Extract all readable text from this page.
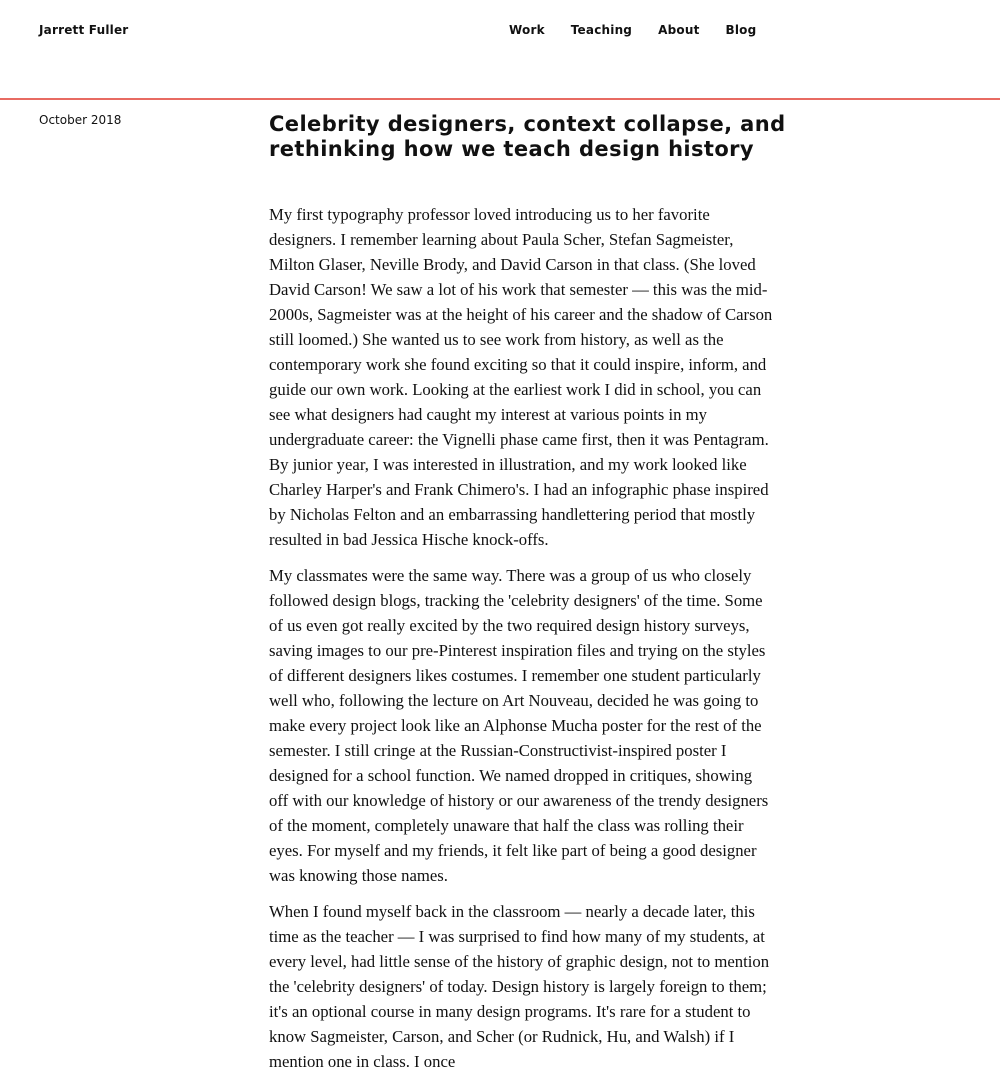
Jarrett Fuller	Work Teaching About Blog
October 2018	Celebrity designers, context collapse, and rethinking how we teach design history

My first typography professor loved introducing us to her favorite designers. I remember learning about Paula Scher, Stefan Sagmeister, Milton Glaser, Neville Brody, and David Carson in that class. (She loved David Carson! We saw a lot of his work that semester — this was the mid-2000s, Sagmeister was at the height of his career and the shadow of Carson still loomed.) She wanted us to see work from history, as well as the contemporary work she found exciting so that it could inspire, inform, and guide our own work. Looking at the earliest work I did in school, you can see what designers had caught my interest at various points in my undergraduate career: the Vignelli phase came first, then it was Pentagram. By junior year, I was interested in illustration, and my work looked like Charley Harper's and Frank Chimero's. I had an infographic phase inspired by Nicholas Felton and an embarrassing handlettering period that mostly resulted in bad Jessica Hische knock-offs.

My classmates were the same way. There was a group of us who closely followed design blogs, tracking the 'celebrity designers' of the time. Some of us even got really excited by the two required design history surveys, saving images to our pre-Pinterest inspiration files and trying on the styles of different designers likes costumes. I remember one student particularly well who, following the lecture on Art Nouveau, decided he was going to make every project look like an Alphonse Mucha poster for the rest of the semester. I still cringe at the Russian-Constructivist-inspired poster I designed for a school function. We named dropped in critiques, showing off with our knowledge of history or our awareness of the trendy designers of the moment, completely unaware that half the class was rolling their eyes. For myself and my friends, it felt like part of being a good designer was knowing those names.

When I found myself back in the classroom — nearly a decade later, this time as the teacher — I was surprised to find how many of my students, at every level, had little sense of the history of graphic design, not to mention the 'celebrity designers' of today. Design history is largely foreign to them; it's an optional course in many design programs. It's rare for a student to know Sagmeister, Carson, and Scher (or Rudnick, Hu, and Walsh) if I mention one in class. I once
